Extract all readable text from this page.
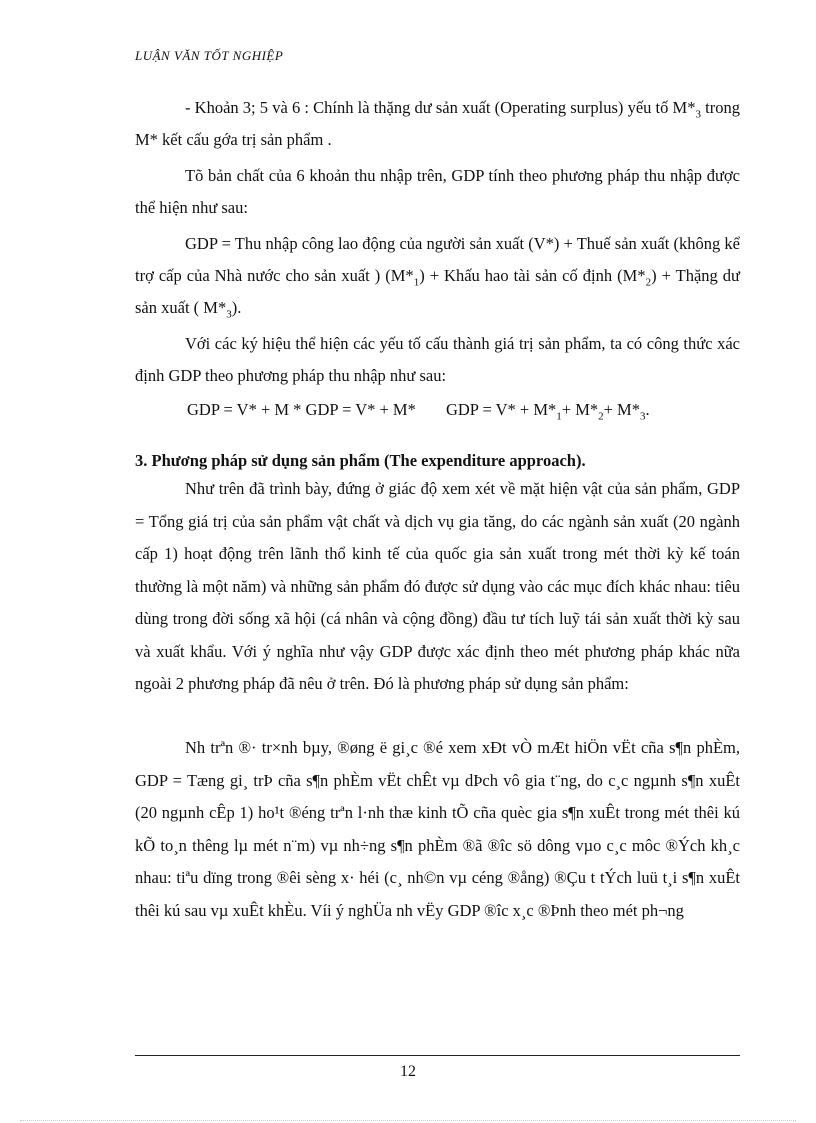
LUẬN VĂN TỐT NGHIỆP

- Khoản 3; 5 và 6 : Chính là thặng dư sản xuất (Operating surplus) yếu tố $M*_3$ trong M* kết cấu gớa trị sản phẩm .

Tõ bản chất của 6 khoản thu nhập trên, GDP tính theo phương pháp thu nhập được thể hiện như sau:

GDP = Thu nhập công lao động của người sản xuất (V*) + Thuế sản xuất (không kể trợ cấp của Nhà nước cho sản xuất ) $(M*_1)$ + Khấu hao tài sản cố định $(M*_2)$ + Thặng dư sản xuất ( $M*_3$).

Với các ký hiệu thể hiện các yếu tố cấu thành giá trị sản phẩm, ta có công thức xác định GDP theo phương pháp thu nhập như sau:

GDP = V* + M * GDP = V* + M* GDP = $V* + M*_1+ M*_2+ M*_3$.
3. Phương pháp sử dụng sản phẩm (The expenditure approach).

Như trên đã trình bày, đứng ở giác độ xem xét về mặt hiện vật của sản phẩm, GDP = Tổng giá trị của sản phẩm vật chất và dịch vụ gia tăng, do các ngành sản xuất (20 ngành cấp 1) hoạt động trên lãnh thổ kinh tế của quốc gia sản xuất trong mét thời kỳ kế toán thường là một năm) và những sản phẩm đó được sử dụng vào các mục đích khác nhau: tiêu dùng trong đời sống xã hội (cá nhân và cộng đồng) đầu tư tích luỹ tái sản xuất thời kỳ sau và xuất khẩu. Với ý nghĩa như vậy GDP được xác định theo mét phương pháp khác nữa ngoài 2 phương pháp đã nêu ở trên. Đó là phương pháp sử dụng sản phẩm:

Nh trªn ®· tr×nh bµy, ®øng ë gi¸c ®é xem xÐt vÒ mÆt hiÖn vËt cña s¶n phÈm, GDP = Tæng gi¸ trÞ cña s¶n phÈm vËt chÊt vµ dÞch vô gia t¨ng, do c¸c ngµnh s¶n xuÊt (20 ngµnh cÊp 1) ho¹t ®éng trªn l·nh thæ kinh tÕ cña quèc gia s¶n xuÊt trong mét thêi kú kÕ to¸n thêng lµ mét n¨m) vµ nh÷ng s¶n phÈm ®ã ®îc sö dông vµo c¸c môc ®Ých kh¸c nhau: tiªu dïng trong ®êi sèng x· héi (c¸ nh©n vµ céng ®ång) ®Çu t tÝch luü t¸i s¶n xuÊt thêi kú sau vµ xuÊt khÈu. Víi ý nghÜa nh vËy GDP ®îc x¸c ®Þnh theo mét ph¬ng

12
